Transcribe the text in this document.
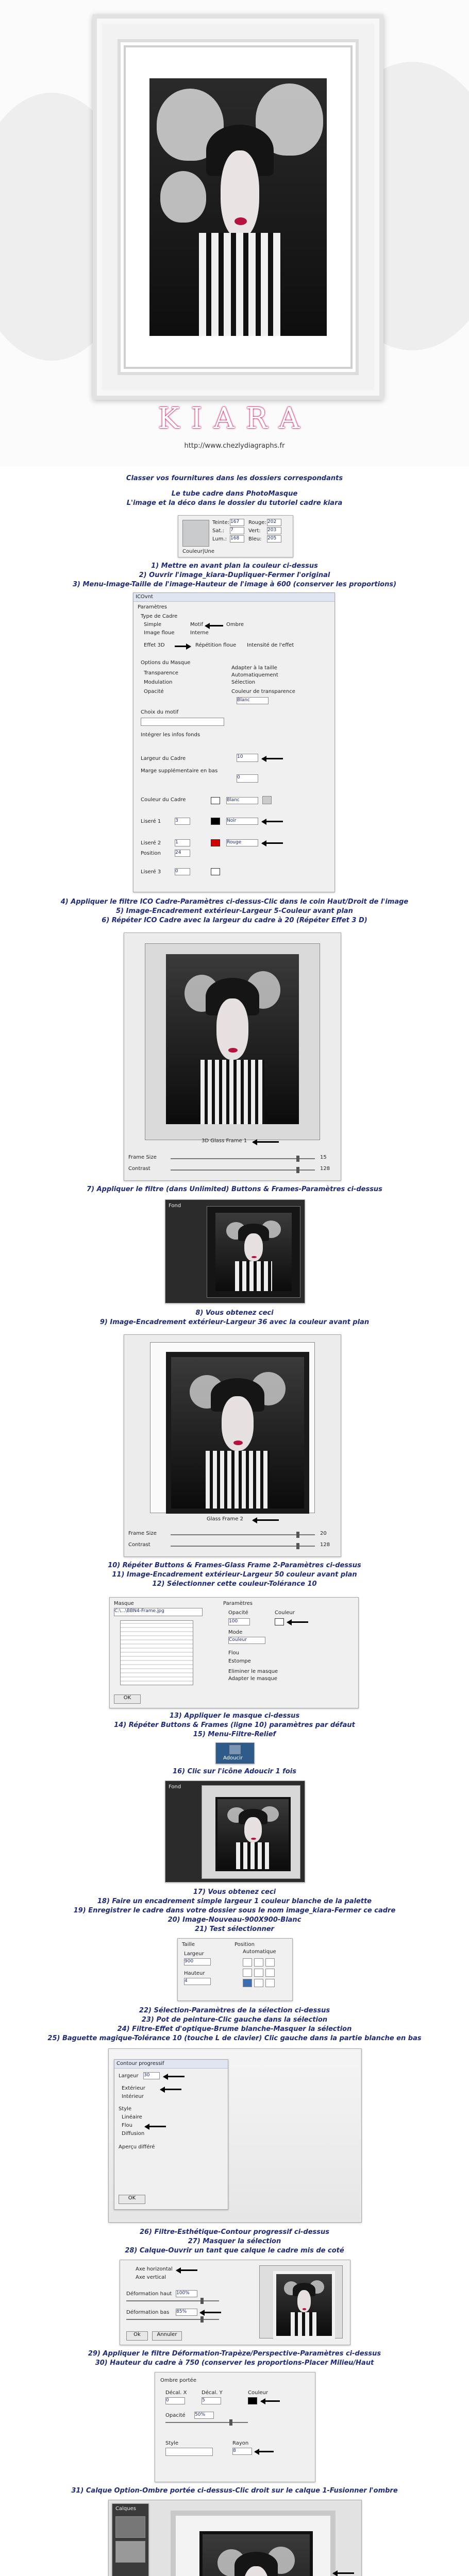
KIARA
http://www.chezlydiagraphs.fr
Classer vos fournitures dans les dossiers correspondants
Le tube cadre dans PhotoMasque
L'image et la déco dans le dossier du tutoriel cadre kiara
Teinte: 167
Sat.: 7
Lum.: 168
Rouge: 202
Vert: 203
Bleu: 205
Couleur|Une
1) Mettre en avant plan la couleur ci-dessus
2) Ouvrir l'image_kiara-Dupliquer-Fermer l'original
3) Menu-Image-Taille de l'image-Hauteur de l'image à 600 (conserver les proportions)
ICOvnt
Paramètres
Type de Cadre
Simple	Motif	Ombre
Image floue	Interne
Effet 3D	Répétition floue Intensité de l'effet
Options du Masque
Transparence
Modulation
Opacité
Adapter à la taille
Automatiquement
Sélection
Couleur de transparence
Blanc
Choix du motif
Intégrer les infos fonds
Largeur du Cadre	10
Marge supplémentaire en bas
0
Couleur du Cadre	Blanc
Liseré 1	3	Noir
Liseré 2	1	Rouge
Position	24
Liseré 3	0
4) Appliquer le filtre ICO Cadre-Paramètres ci-dessus-Clic dans le coin Haut/Droit de l'image
5) Image-Encadrement extérieur-Largeur 5-Couleur avant plan
6) Répéter ICO Cadre avec la largeur du cadre à 20 (Répéter Effet 3 D)
3D Glass Frame 1
Frame Size	15
Contrast	128
7) Appliquer le filtre (dans Unlimited) Buttons & Frames-Paramètres ci-dessus
Fond
8) Vous obtenez ceci
9) Image-Encadrement extérieur-Largeur 36 avec la couleur avant plan
Glass Frame 2
Frame Size	20
Contrast	128
10) Répéter Buttons & Frames-Glass Frame 2-Paramètres ci-dessus
11) Image-Encadrement extérieur-Largeur 50 couleur avant plan
12) Sélectionner cette couleur-Tolérance 10
Masque
C:\...\BBN4-Frame.jpg
Paramètres
Opacité
100
Couleur
Mode
Couleur
Flou
Estompe
Eliminer le masque
Adapter le masque
OK
13) Appliquer le masque ci-dessus
14) Répéter Buttons & Frames (ligne 10) paramètres par défaut
15) Menu-Filtre-Relief
Adoucir
16) Clic sur l'icône Adoucir 1 fois
Fond
17) Vous obtenez ceci
18) Faire un encadrement simple largeur 1 couleur blanche de la palette
19) Enregistrer le cadre dans votre dossier sous le nom image_kiara-Fermer ce cadre
20) Image-Nouveau-900X900-Blanc
21) Test sélectionner
Taille
Largeur
900
Hauteur
4
Position
Automatique
22) Sélection-Paramètres de la sélection ci-dessus
23) Pot de peinture-Clic gauche dans la sélection
24) Filtre-Effet d'optique-Brume blanche-Masquer la sélection
25) Baguette magique-Tolérance 10 (touche L de clavier) Clic gauche dans la partie blanche en bas
Contour progressif
Largeur 30
Extérieur
Intérieur
Style
Linéaire
Flou
Diffusion
Aperçu différé
OK
26) Filtre-Esthétique-Contour progressif ci-dessus
27) Masquer la sélection
28) Calque-Ouvrir un tant que calque le cadre mis de coté
Axe horizontal
Axe vertical
Déformation haut 100%
Déformation bas 85%
Ok	Annuler
29) Appliquer le filtre Déformation-Trapèze/Perspective-Paramètres ci-dessus
30) Hauteur du cadre à 750 (conserver les proportions-Placer Milieu/Haut
Ombre portée
Décal. X
0
Décal. Y
5
Couleur
Opacité 50%
Style	Rayon
8
31) Calque Option-Ombre portée ci-dessus-Clic droit sur le calque 1-Fusionner l'ombre
Calques
